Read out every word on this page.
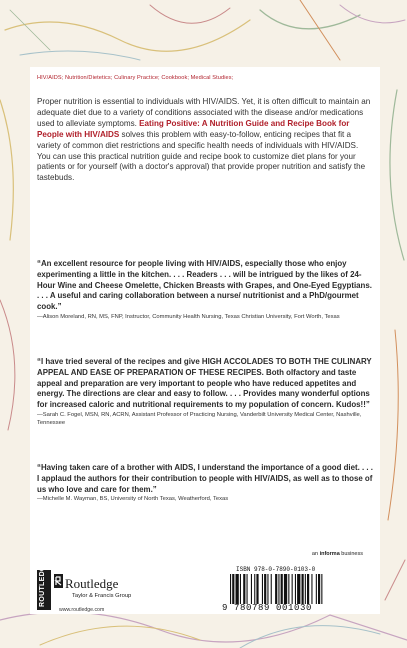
HIV/AIDS; Nutrition/Dietetics; Culinary Practice; Cookbook; Medical Studies;

Proper nutrition is essential to individuals with HIV/AIDS. Yet, it is often difficult to maintain an adequate diet due to a variety of conditions associated with the disease and/or medications used to alleviate symptoms. Eating Positive: A Nutrition Guide and Recipe Book for People with HIV/AIDS solves this problem with easy-to-follow, enticing recipes that fit a variety of common diet restrictions and specific health needs of individuals with HIV/AIDS. You can use this practical nutrition guide and recipe book to customize diet plans for your patients or for yourself (with a doctor's approval) that provide proper nutrition and satisfy the tastebuds.

“An excellent resource for people living with HIV/AIDS, especially those who enjoy experimenting a little in the kitchen. . . . Readers . . . will be intrigued by the likes of 24-Hour Wine and Cheese Omelette, Chicken Breasts with Grapes, and One-Eyed Egyptians. . . . A useful and caring collaboration between a nurse/ nutritionist and a PhD/gourmet cook.”

—Alison Moreland, RN, MS, FNP, Instructor, Community Health Nursing, Texas Christian University, Fort Worth, Texas

“I have tried several of the recipes and give HIGH ACCOLADES TO BOTH THE CULINARY APPEAL AND EASE OF PREPARATION OF THESE RECIPES. Both olfactory and taste appeal and preparation are very important to people who have reduced appetites and energy. The directions are clear and easy to follow. . . . Provides many wonderful options for increased caloric and nutritional requirements to my population of concern. Kudos!!”

—Sarah C. Fogel, MSN, RN, ACRN, Assistant Professor of Practicing Nursing, Vanderbilt University Medical Center, Nashville, Tennessee

“Having taken care of a brother with AIDS, I understand the importance of a good diet. . . . I applaud the authors for their contribution to people with HIV/AIDS, as well as to those of us who love and care for them.”

—Michelle M. Wayman, BS, University of North Texas, Weatherford, Texas

an informa business
ROUTLEDGE Routledge
Taylor & Francis Group
www.routledge.com
ISBN 978-0-7890-0103-0
9 780789 001030
